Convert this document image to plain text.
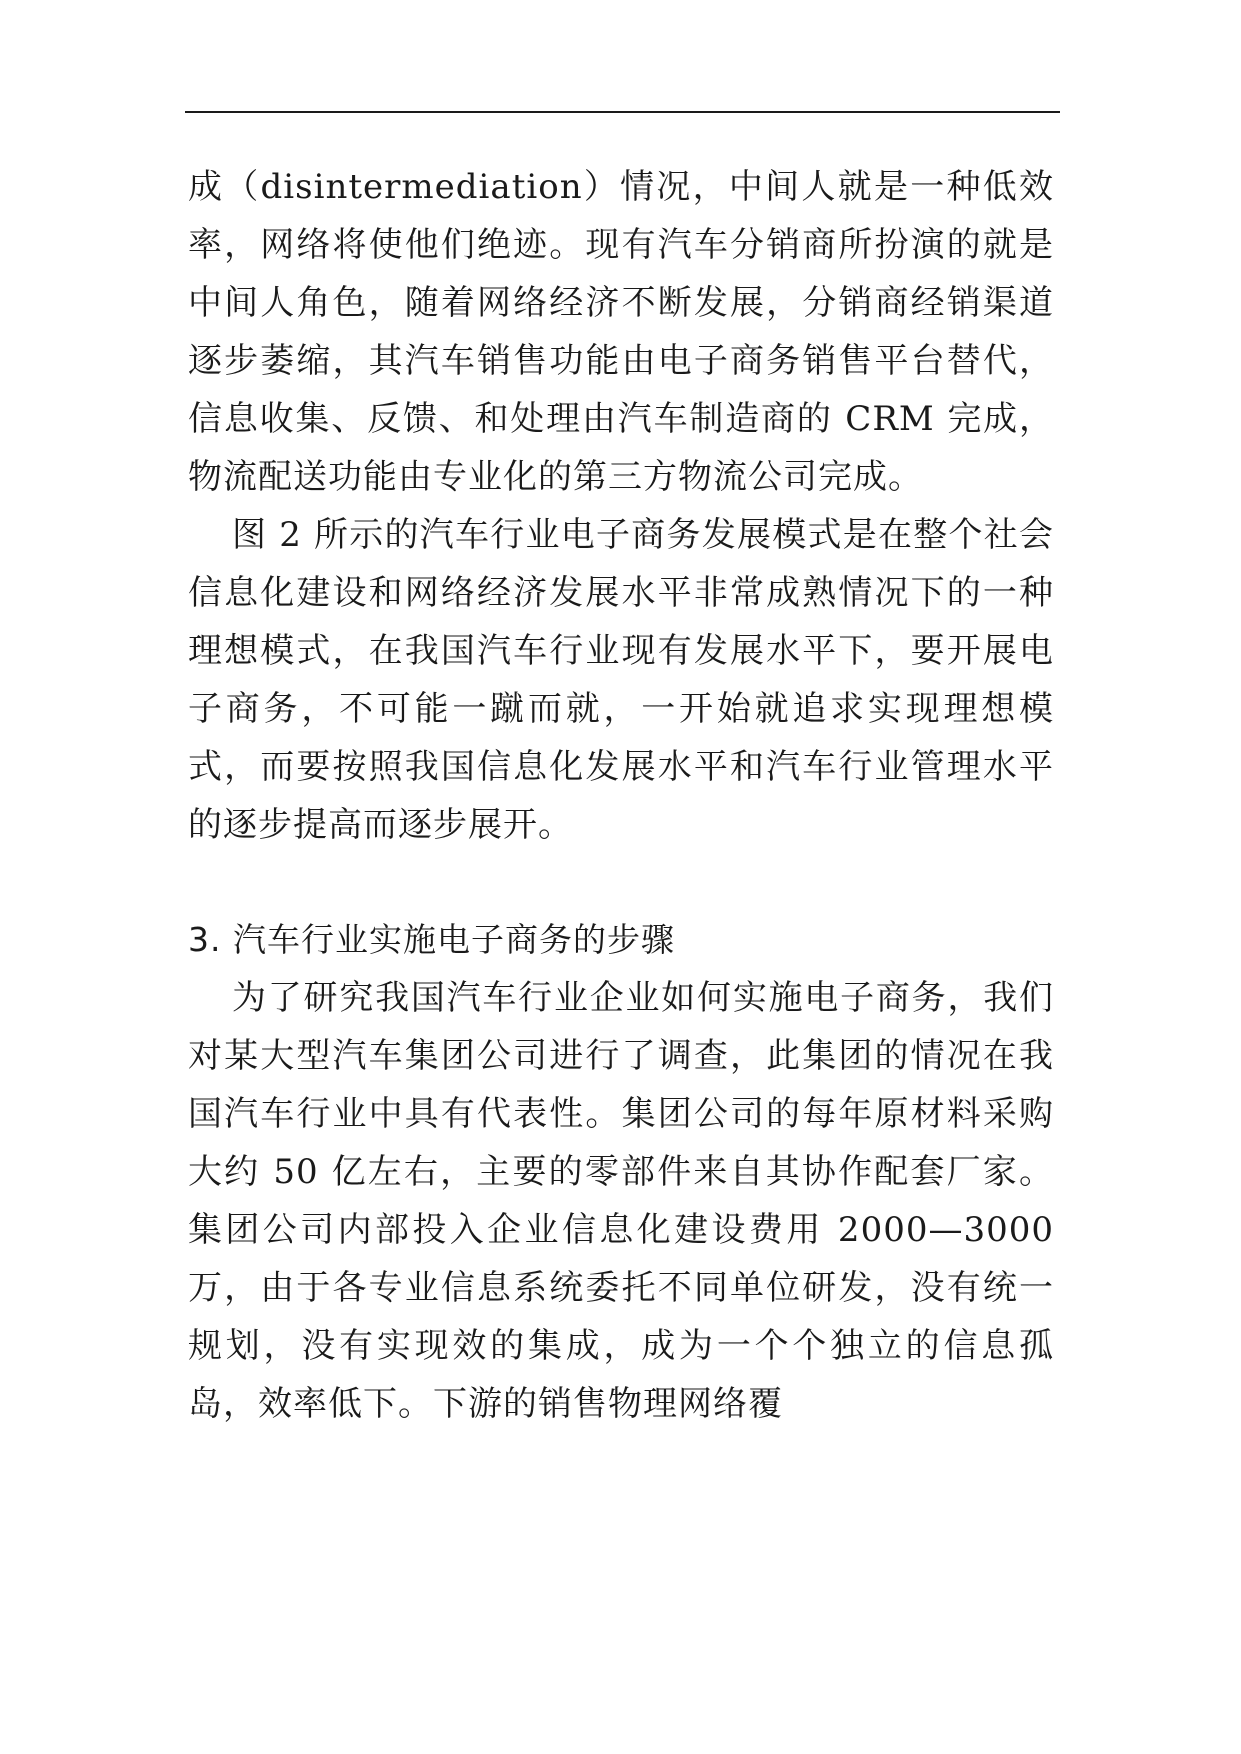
成（disintermediation）情况，中间人就是一种低效率，网络将使他们绝迹。现有汽车分销商所扮演的就是中间人角色，随着网络经济不断发展，分销商经销渠道逐步萎缩，其汽车销售功能由电子商务销售平台替代，信息收集、反馈、和处理由汽车制造商的 CRM 完成，物流配送功能由专业化的第三方物流公司完成。

图 2 所示的汽车行业电子商务发展模式是在整个社会信息化建设和网络经济发展水平非常成熟情况下的一种理想模式，在我国汽车行业现有发展水平下，要开展电子商务，不可能一蹴而就，一开始就追求实现理想模式，而要按照我国信息化发展水平和汽车行业管理水平的逐步提高而逐步展开。

3. 汽车行业实施电子商务的步骤

为了研究我国汽车行业企业如何实施电子商务，我们对某大型汽车集团公司进行了调查，此集团的情况在我国汽车行业中具有代表性。集团公司的每年原材料采购大约 50 亿左右，主要的零部件来自其协作配套厂家。集团公司内部投入企业信息化建设费用 2000—3000 万，由于各专业信息系统委托不同单位研发，没有统一规划，没有实现效的集成，成为一个个独立的信息孤岛，效率低下。下游的销售物理网络覆
